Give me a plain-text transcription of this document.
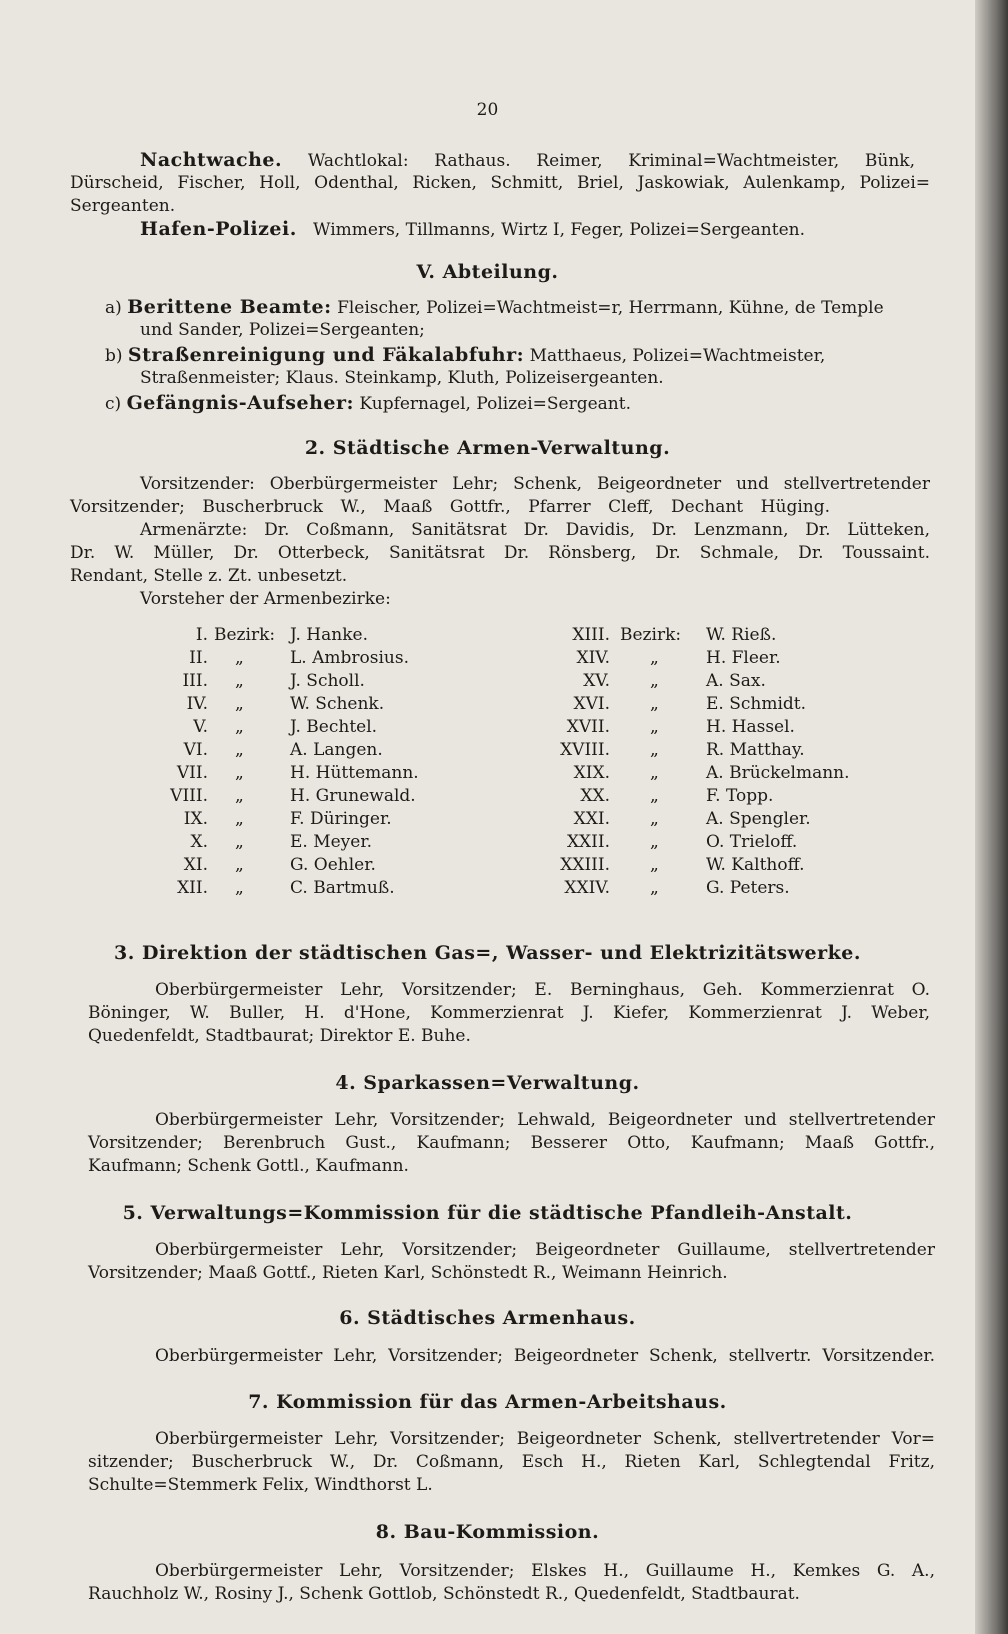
20
Nachtwache. Wachtlokal: Rathaus. Reimer, Kriminal=Wachtmeister, Bünk,
Dürscheid, Fischer, Holl, Odenthal, Ricken, Schmitt, Briel, Jaskowiak, Aulenkamp, Polizei=
Sergeanten.
Hafen-Polizei. Wimmers, Tillmanns, Wirtz I, Feger, Polizei=Sergeanten.
V. Abteilung.
a) Berittene Beamte: Fleischer, Polizei=Wachtmeist=r, Herrmann, Kühne, de Temple
und Sander, Polizei=Sergeanten;
b) Straßenreinigung und Fäkalabfuhr: Matthaeus, Polizei=Wachtmeister,
Straßenmeister; Klaus. Steinkamp, Kluth, Polizeisergeanten.
c) Gefängnis-Aufseher: Kupfernagel, Polizei=Sergeant.
2. Städtische Armen-Verwaltung.
Vorsitzender: Oberbürgermeister Lehr; Schenk, Beigeordneter und stellvertretender
Vorsitzender; Buscherbruck W., Maaß Gottfr., Pfarrer Cleff, Dechant Hüging.
Armenärzte: Dr. Coßmann, Sanitätsrat Dr. Davidis, Dr. Lenzmann, Dr. Lütteken,
Dr. W. Müller, Dr. Otterbeck, Sanitätsrat Dr. Rönsberg, Dr. Schmale, Dr. Toussaint.
Rendant, Stelle z. Zt. unbesetzt.
Vorsteher der Armenbezirke:
I. Bezirk: J. Hanke.	XIII. Bezirk: W. Rieß.
II. „	L. Ambrosius.	XIV. „	H. Fleer.
III. „	J. Scholl.	XV. „	A. Sax.
IV. „	W. Schenk.	XVI. „	E. Schmidt.
V. „	J. Bechtel.	XVII. „	H. Hassel.
VI. „	A. Langen.	XVIII. „	R. Matthay.
VII. „	H. Hüttemann.	XIX. „	A. Brückelmann.
VIII. „	H. Grunewald.	XX. „	F. Topp.
IX. „	F. Düringer.	XXI. „	A. Spengler.
X. „	E. Meyer.	XXII. „	O. Trieloff.
XI. „	G. Oehler.	XXIII. „	W. Kalthoff.
XII. „	C. Bartmuß.	XXIV. „	G. Peters.
3. Direktion der städtischen Gas=, Wasser- und Elektrizitätswerke.
Oberbürgermeister Lehr, Vorsitzender; E. Berninghaus, Geh. Kommerzienrat O.
Böninger, W. Buller, H. d'Hone, Kommerzienrat J. Kiefer, Kommerzienrat J. Weber,
Quedenfeldt, Stadtbaurat; Direktor E. Buhe.
4. Sparkassen=Verwaltung.
Oberbürgermeister Lehr, Vorsitzender; Lehwald, Beigeordneter und stellvertretender
Vorsitzender; Berenbruch Gust., Kaufmann; Besserer Otto, Kaufmann; Maaß Gottfr.,
Kaufmann; Schenk Gottl., Kaufmann.
5. Verwaltungs=Kommission für die städtische Pfandleih-Anstalt.
Oberbürgermeister Lehr, Vorsitzender; Beigeordneter Guillaume, stellvertretender
Vorsitzender; Maaß Gottf., Rieten Karl, Schönstedt R., Weimann Heinrich.
6. Städtisches Armenhaus.
Oberbürgermeister Lehr, Vorsitzender; Beigeordneter Schenk, stellvertr. Vorsitzender.
7. Kommission für das Armen-Arbeitshaus.
Oberbürgermeister Lehr, Vorsitzender; Beigeordneter Schenk, stellvertretender Vor=
sitzender; Buscherbruck W., Dr. Coßmann, Esch H., Rieten Karl, Schlegtendal Fritz,
Schulte=Stemmerk Felix, Windthorst L.
8. Bau-Kommission.
Oberbürgermeister Lehr, Vorsitzender; Elskes H., Guillaume H., Kemkes G. A.,
Rauchholz W., Rosiny J., Schenk Gottlob, Schönstedt R., Quedenfeldt, Stadtbaurat.
